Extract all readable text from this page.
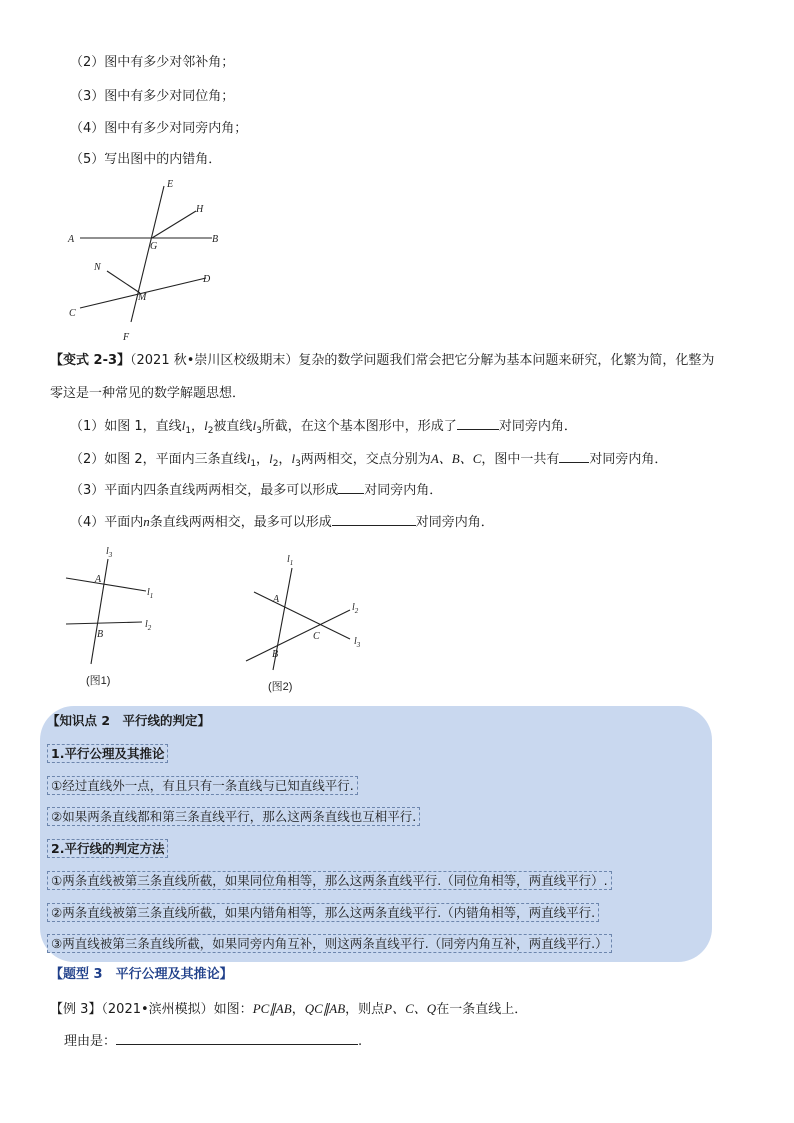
（2）图中有多少对邻补角；
（3）图中有多少对同位角；
（4）图中有多少对同旁内角；
（5）写出图中的内错角．
E
H
A
G
B
N
D
M
C
F
【变式 2-3】（2021 秋•崇川区校级期末）复杂的数学问题我们常会把它分解为基本问题来研究，化繁为简，化整为
零这是一种常见的数学解题思想．
（1）如图 1，直线$l_1$，$l_2$被直线$l_3$所截，在这个基本图形中，形成了	对同旁内角．
（2）如图 2，平面内三条直线$l_1$，$l_2$，$l_3$两两相交，交点分别为A、B、C，图中一共有 对同旁内角．
（3）平面内四条直线两两相交，最多可以形成 对同旁内角．
（4）平面内n条直线两两相交，最多可以形成	对同旁内角．
$l_3$
$l_1$
$l_2$
A
B
(图1)
$l_1$
$l_2$
$l_3$
A
C
B
(图2)
【知识点 2　平行线的判定】
1.平行公理及其推论
①经过直线外一点，有且只有一条直线与已知直线平行.
②如果两条直线都和第三条直线平行，那么这两条直线也互相平行.
2.平行线的判定方法
①两条直线被第三条直线所截，如果同位角相等，那么这两条直线平行.（同位角相等，两直线平行）.
②两条直线被第三条直线所截，如果内错角相等，那么这两条直线平行.（内错角相等，两直线平行.
③两直线被第三条直线所截，如果同旁内角互补，则这两条直线平行.（同旁内角互补，两直线平行.）
【题型 3　平行公理及其推论】
【例 3】（2021•滨州模拟）如图：PC∥AB，QC∥AB，则点P、C、Q在一条直线上．
理由是：	.
